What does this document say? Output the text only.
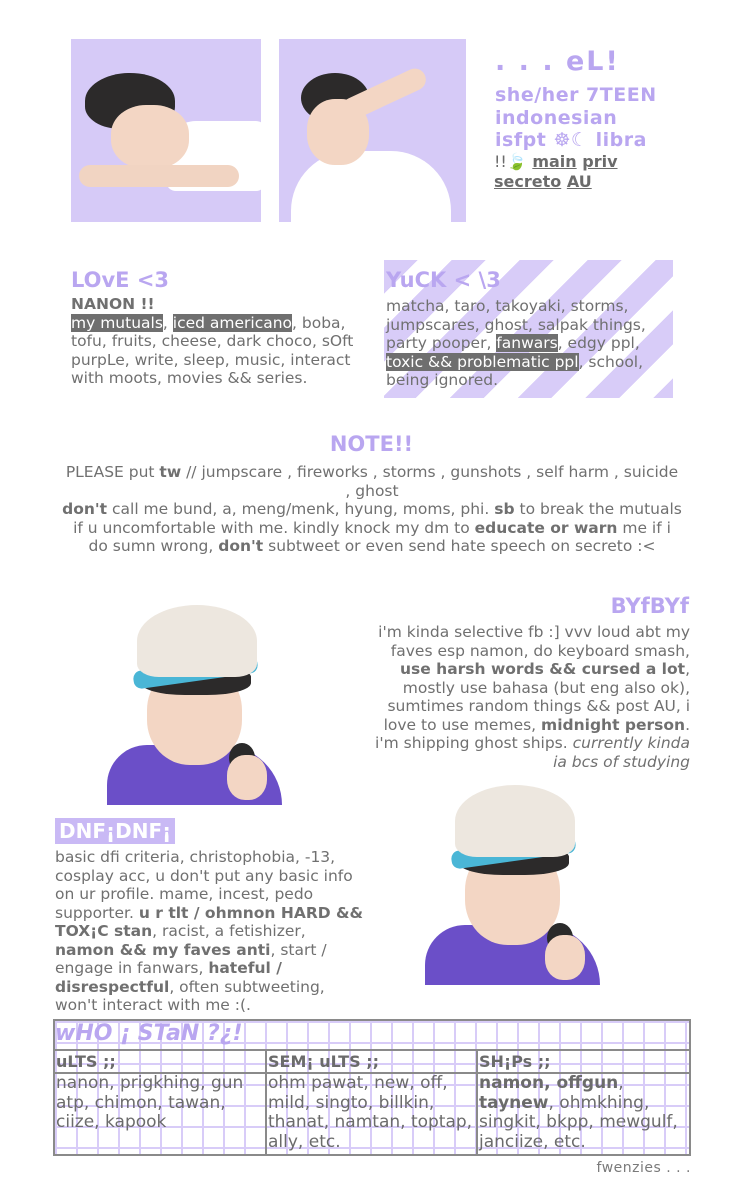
. . . eL!
she/her 7TEEN
indonesian
isfpt ☸☾ libra
!!🍃 main priv
secreto AU
LOvE <3
NANON !!
my mutuals, iced americano, boba, tofu, fruits, cheese, dark choco, sOft purpLe, write, sleep, music, interact with moots, movies && series.
YuCK < \3
matcha, taro, takoyaki, storms, jumpscares, ghost, salpak things, party pooper, fanwars, edgy ppl, toxic && problematic ppl, school, being ignored.
NOTE!!
PLEASE put tw // jumpscare , fireworks , storms , gunshots , self harm , suicide , ghost
don't call me bund, a, meng/menk, hyung, moms, phi. sb to break the mutuals if u uncomfortable with me. kindly knock my dm to educate or warn me if i do sumn wrong, don't subtweet or even send hate speech on secreto :<
BYfBYf
i'm kinda selective fb :] vvv loud abt my faves esp namon, do keyboard smash, use harsh words && cursed a lot, mostly use bahasa (but eng also ok), sumtimes random things && post AU, i love to use memes, midnight person. i'm shipping ghost ships. currently kinda ia bcs of studying
DNF¡DNF¡
basic dfi criteria, christophobia, -13, cosplay acc, u don't put any basic info on ur profile. mame, incest, pedo supporter. u r tlt / ohmnon HARD && TOX¡C stan, racist, a fetishizer, namon && my faves anti, start / engage in fanwars, hateful / disrespectful, often subtweeting, won't interact with me :(.
wHO ¡ STaN ?¿!
uLTS ;;	SEM¡ uLTS ;;	SH¡Ps ;;
nanon, prigkhing, gun atp, chimon, tawan, ciize, kapook
ohm pawat, new, off, mild, singto, billkin, thanat, namtan, toptap, ally, etc.
namon, offgun, taynew, ohmkhing, singkit, bkpp, mewgulf, janciize, etc.
fwenzies . . .
